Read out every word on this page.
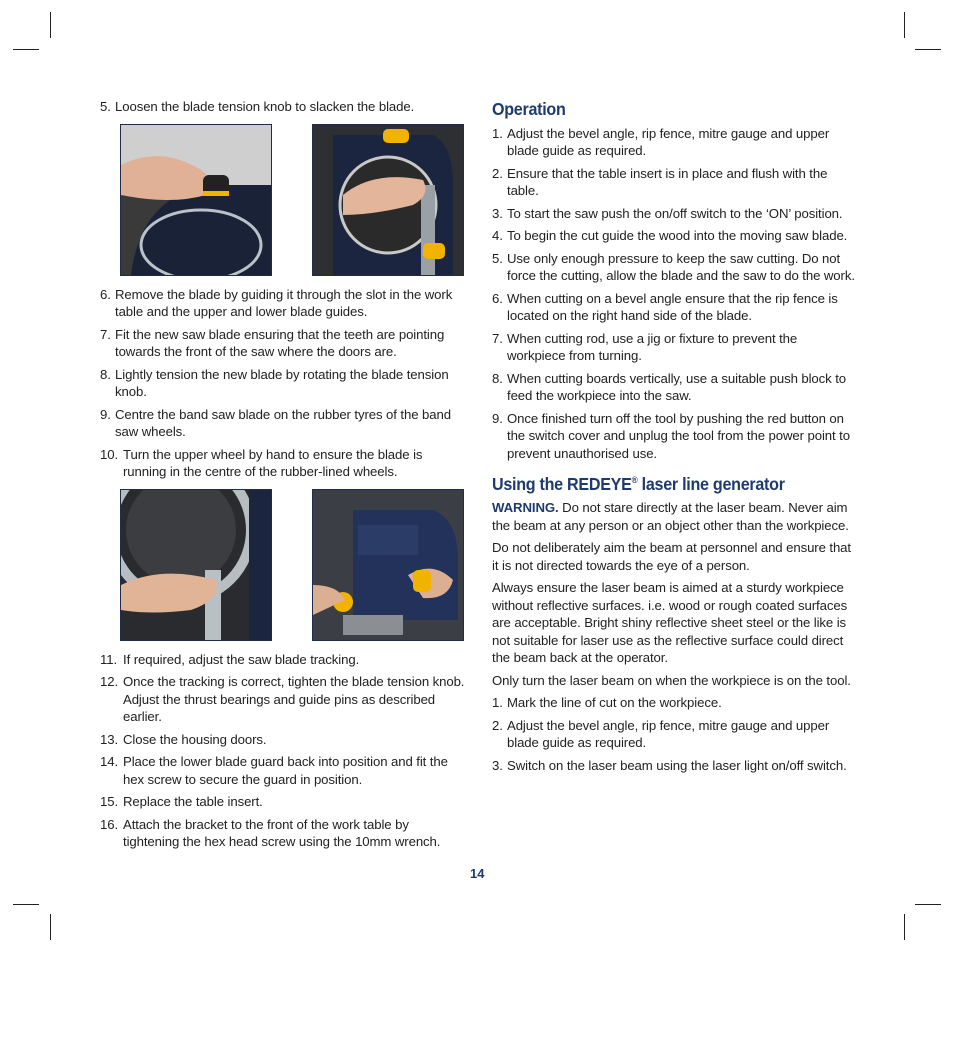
5. Loosen the blade tension knob to slacken the blade.
6. Remove the blade by guiding it through the slot in the work table and the upper and lower blade guides.
7. Fit the new saw blade ensuring that the teeth are pointing towards the front of the saw where the doors are.
8. Lightly tension the new blade by rotating the blade tension knob.
9. Centre the band saw blade on the rubber tyres of the band saw wheels.
10. Turn the upper wheel by hand to ensure the blade is running in the centre of the rubber-lined wheels.
11. If required, adjust the saw blade tracking.
12. Once the tracking is correct, tighten the blade tension knob. Adjust the thrust bearings and guide pins as described earlier.
13. Close the housing doors.
14. Place the lower blade guard back into position and fit the hex screw to secure the guard in position.
15. Replace the table insert.
16. Attach the bracket to the front of the work table by tightening the hex head screw using the 10mm wrench.
Operation
1. Adjust the bevel angle, rip fence, mitre gauge and upper blade guide as required.
2. Ensure that the table insert is in place and flush with the table.
3. To start the saw push the on/off switch to the ‘ON’ position.
4. To begin the cut guide the wood into the moving saw blade.
5. Use only enough pressure to keep the saw cutting. Do not force the cutting, allow the blade and the saw to do the work.
6. When cutting on a bevel angle ensure that the rip fence is located on the right hand side of the blade.
7. When cutting rod, use a jig or fixture to prevent the workpiece from turning.
8. When cutting boards vertically, use a suitable push block to feed the workpiece into the saw.
9. Once finished turn off the tool by pushing the red button on the switch cover and unplug the tool from the power point to prevent unauthorised use.
Using the REDEYE® laser line generator

WARNING. Do not stare directly at the laser beam. Never aim the beam at any person or an object other than the workpiece.

Do not deliberately aim the beam at personnel and ensure that it is not directed towards the eye of a person.

Always ensure the laser beam is aimed at a sturdy workpiece without reflective surfaces. i.e. wood or rough coated surfaces are acceptable. Bright shiny reflective sheet steel or the like is not suitable for laser use as the reflective surface could direct the beam back at the operator.

Only turn the laser beam on when the workpiece is on the tool.

1. Mark the line of cut on the workpiece.
2. Adjust the bevel angle, rip fence, mitre gauge and upper blade guide as required.
3. Switch on the laser beam using the laser light on/off switch.
14
